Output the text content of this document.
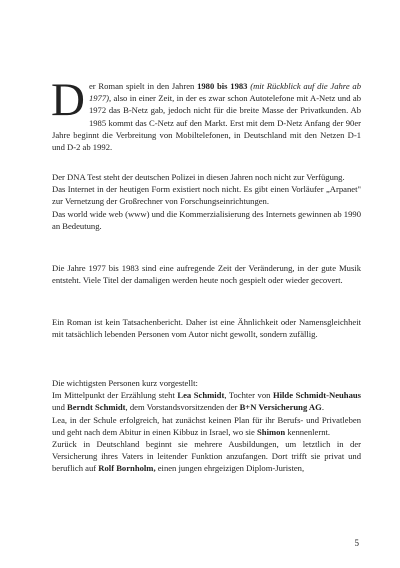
Der Roman spielt in den Jahren 1980 bis 1983 (mit Rückblick auf die Jahre ab 1977), also in einer Zeit, in der es zwar schon Autotelefone mit A-Netz und ab 1972 das B-Netz gab, jedoch nicht für die breite Masse der Privatkunden. Ab 1985 kommt das C-Netz auf den Markt. Erst mit dem D-Netz Anfang der 90er Jahre beginnt die Verbreitung von Mobiltelefonen, in Deutschland mit den Netzen D-1 und D-2 ab 1992.

Der DNA Test steht der deutschen Polizei in diesen Jahren noch nicht zur Verfügung.

Das Internet in der heutigen Form existiert noch nicht. Es gibt einen Vorläufer „Arpanet" zur Vernetzung der Großrechner von Forschungseinrichtungen.

Das world wide web (www) und die Kommerzialisierung des Internets gewinnen ab 1990 an Bedeutung.

Die Jahre 1977 bis 1983 sind eine aufregende Zeit der Veränderung, in der gute Musik entsteht. Viele Titel der damaligen werden heute noch gespielt oder wieder gecovert.

Ein Roman ist kein Tatsachenbericht. Daher ist eine Ähnlichkeit oder Namensgleichheit mit tatsächlich lebenden Personen vom Autor nicht gewollt, sondern zufällig.

Die wichtigsten Personen kurz vorgestellt:

Im Mittelpunkt der Erzählung steht Lea Schmidt, Tochter von Hilde Schmidt-Neuhaus und Berndt Schmidt, dem Vorstandsvorsitzenden der B+N Versicherung AG.

Lea, in der Schule erfolgreich, hat zunächst keinen Plan für ihr Berufs- und Privatleben und geht nach dem Abitur in einen Kibbuz in Israel, wo sie Shimon kennenlernt.

Zurück in Deutschland beginnt sie mehrere Ausbildungen, um letztlich in der Versicherung ihres Vaters in leitender Funktion anzufangen. Dort trifft sie privat und beruflich auf Rolf Bornholm, einen jungen ehrgeizigen Diplom-Juristen,

5
